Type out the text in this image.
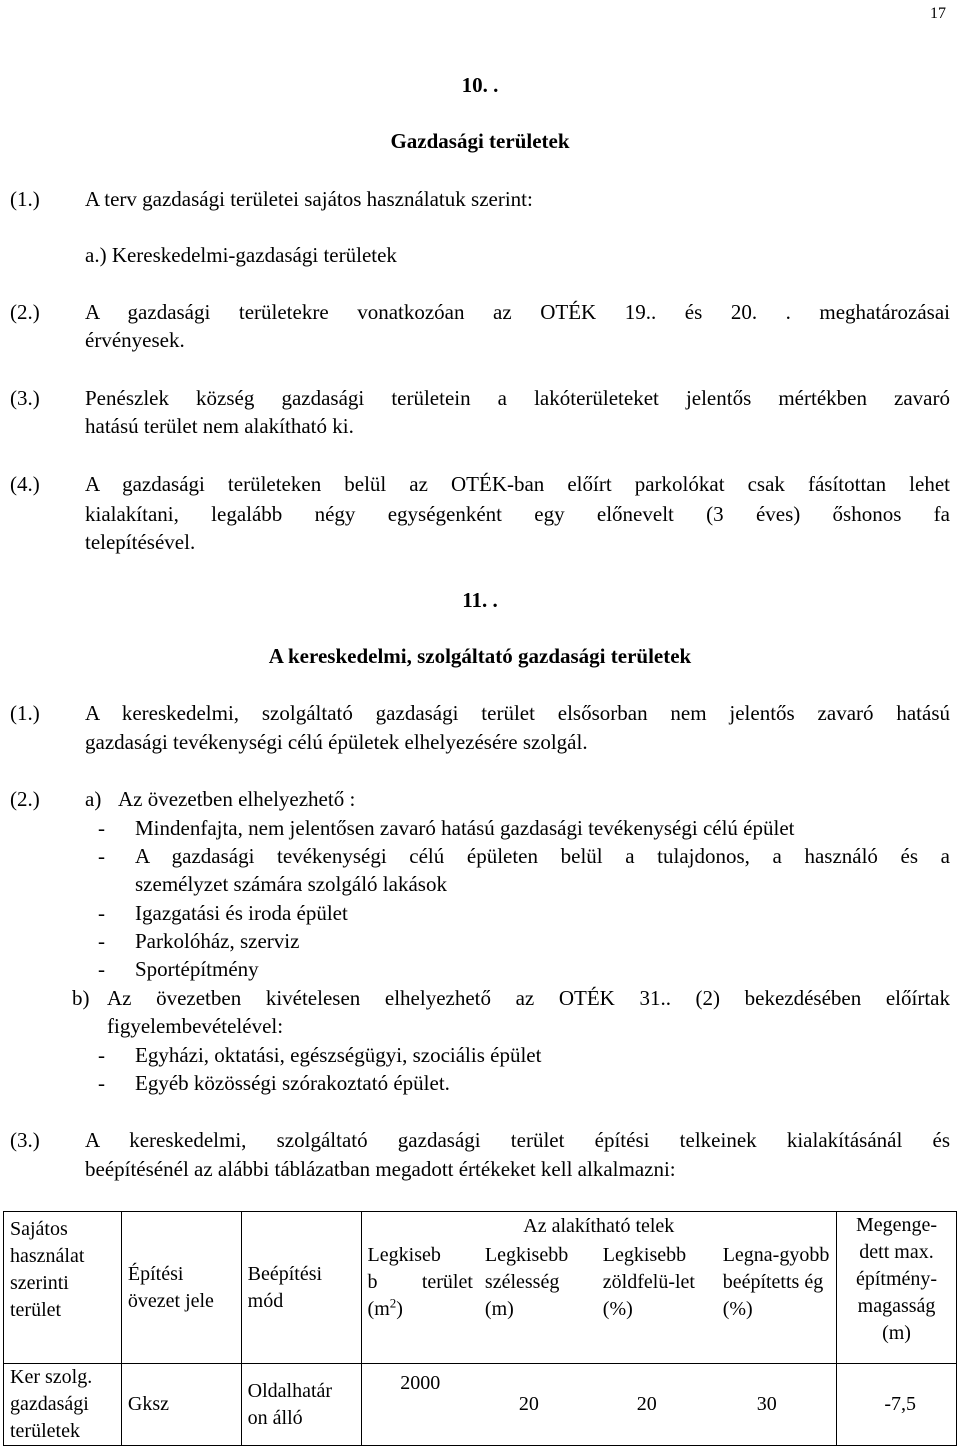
17
10. .
Gazdasági területek
(1.) A terv gazdasági területei sajátos használatuk szerint:
a.) Kereskedelmi-gazdasági területek
(2.) A gazdasági területekre vonatkozóan az OTÉK 19.. és 20. . meghatározásai
érvényesek.
(3.) Penészlek község gazdasági területein a lakóterületeket jelentős mértékben zavaró
hatású terület nem alakítható ki.
(4.) A gazdasági területeken belül az OTÉK-ban előírt parkolókat csak fásítottan lehet
kialakítani, legalább négy egységenként egy előnevelt (3 éves) őshonos fa
telepítésével.
11. .
A kereskedelmi, szolgáltató gazdasági területek
(1.) A kereskedelmi, szolgáltató gazdasági terület elsősorban nem jelentős zavaró hatású
gazdasági tevékenységi célú épületek elhelyezésére szolgál.
(2.) a) Az övezetben elhelyezhető :
- Mindenfajta, nem jelentősen zavaró hatású gazdasági tevékenységi célú épület
- A gazdasági tevékenységi célú épületen belül a tulajdonos, a használó és a
személyzet számára szolgáló lakások
- Igazgatási és iroda épület
- Parkolóház, szerviz
- Sportépítmény
b) Az övezetben kivételesen elhelyezhető az OTÉK 31.. (2) bekezdésében előírtak
figyelembevételével:
- Egyházi, oktatási, egészségügyi, szociális épület
- Egyéb közösségi szórakoztató épület.
(3.) A kereskedelmi, szolgáltató gazdasági terület építési telkeinek kialakításánál és
beépítésénél az alábbi táblázatban megadott értékeket kell alkalmazni:
Sajátos használat szerinti terület	Építési övezet jele	Beépítési mód	Az alakítható telek				Megenge-dett max. építmény-magasság (m)

			Legkiseb
b terület
$(m^2)$	Legkisebb szélesség (m)	Legkisebb zöldfelü-let (%)	Legna-gyobb beépítetts ég (%)	
Ker szolg. gazdasági területek	Gksz	Oldalhatár on álló	2000	20	20	30	-7,5
